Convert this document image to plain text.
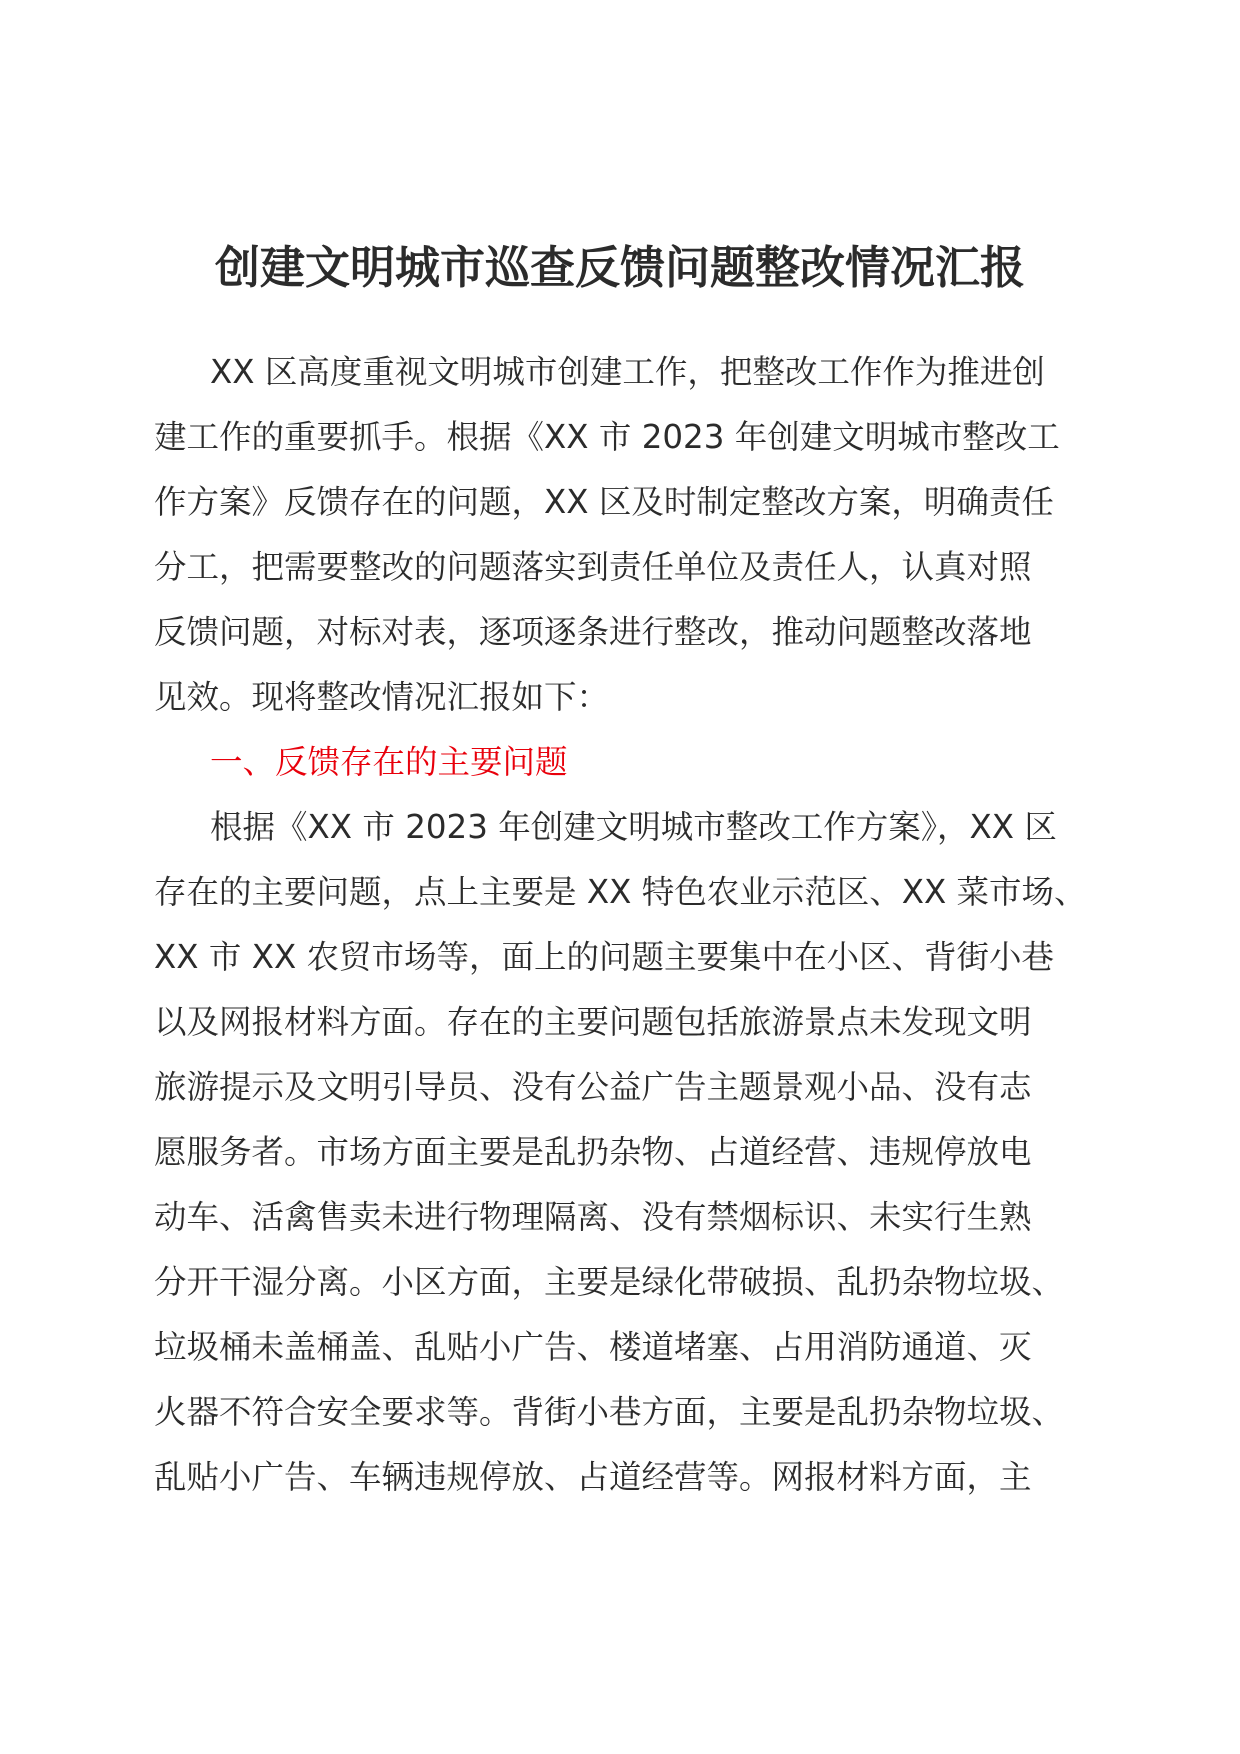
创建文明城市巡查反馈问题整改情况汇报
XX 区高度重视文明城市创建工作，把整改工作作为推进创
建工作的重要抓手。根据《XX 市 2023 年创建文明城市整改工
作方案》反馈存在的问题，XX 区及时制定整改方案，明确责任
分工，把需要整改的问题落实到责任单位及责任人，认真对照
反馈问题，对标对表，逐项逐条进行整改，推动问题整改落地
见效。现将整改情况汇报如下：
一、反馈存在的主要问题
根据《XX 市 2023 年创建文明城市整改工作方案》，XX 区
存在的主要问题，点上主要是 XX 特色农业示范区、XX 菜市场、
XX 市 XX 农贸市场等，面上的问题主要集中在小区、背街小巷
以及网报材料方面。存在的主要问题包括旅游景点未发现文明
旅游提示及文明引导员、没有公益广告主题景观小品、没有志
愿服务者。市场方面主要是乱扔杂物、占道经营、违规停放电
动车、活禽售卖未进行物理隔离、没有禁烟标识、未实行生熟
分开干湿分离。小区方面，主要是绿化带破损、乱扔杂物垃圾、
垃圾桶未盖桶盖、乱贴小广告、楼道堵塞、占用消防通道、灭
火器不符合安全要求等。背街小巷方面，主要是乱扔杂物垃圾、
乱贴小广告、车辆违规停放、占道经营等。网报材料方面，主
